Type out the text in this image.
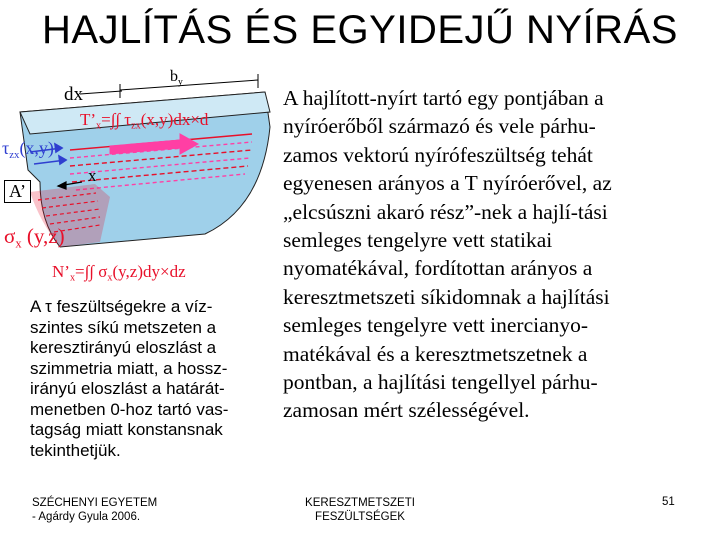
HAJLÍTÁS ÉS EGYIDEJŰ NYÍRÁS
$b_y$
dx
$T’_x=\int\int$ $\tau_{zx}(x,y)dx\times d$
$\tau_{zx}(x,y)$
x
A’
$\sigma_x$ (y,z)
$N’_x=\int\int$ $\sigma_x(y,z)dy\times dz$
A τ feszültségekre a víz-
szintes síkú metszeten a
keresztirányú eloszlást a
szimmetria miatt, a hossz-
irányú eloszlást a határát-
menetben 0-hoz tartó vas-
tagság miatt konstansnak
tekinthetjük.
A hajlított-nyírt tartó egy pontjában a
nyíróerőből származó és vele párhu-
zamos vektorú nyírófeszültség tehát
egyenesen arányos a T nyíróerővel, az
„elcsúszni akaró rész”-nek a hajlí-tási
semleges tengelyre vett statikai
nyomatékával, fordítottan arányos a
keresztmetszeti síkidomnak a hajlítási
semleges tengelyre vett inercianyo-
matékával és a keresztmetszetnek a
pontban, a hajlítási tengellyel párhu-
zamosan mért szélességével.
SZÉCHENYI EGYETEM
- Agárdy Gyula 2006.
KERESZTMETSZETI
FESZÜLTSÉGEK
51
